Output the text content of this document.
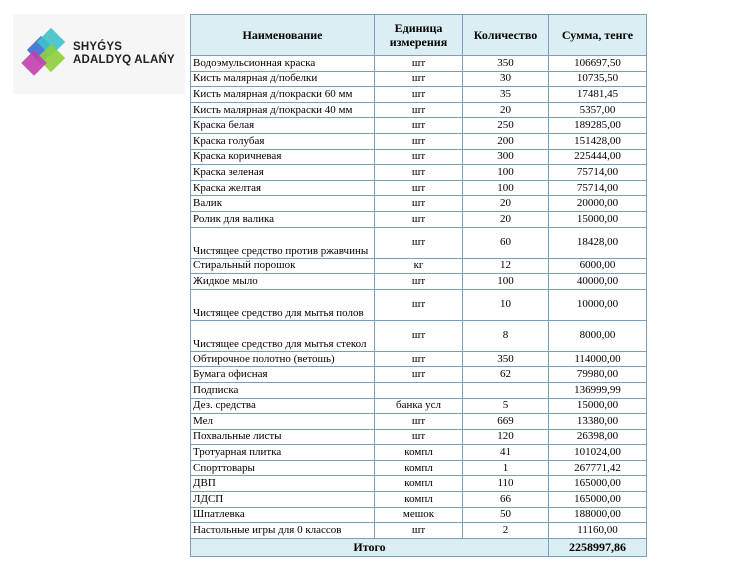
SHYǴYS
ADALDYQ ALAŃY
Наименование	Единица измерения	Количество	Сумма, тенге
Водоэмульсионная краска	шт	350	106697,50
Кисть малярная д/побелки	шт	30	10735,50
Кисть малярная д/покраски 60 мм	шт	35	17481,45
Кисть малярная д/покраски 40 мм	шт	20	5357,00
Краска белая	шт	250	189285,00
Краска голубая	шт	200	151428,00
Краска коричневая	шт	300	225444,00
Краска зеленая	шт	100	75714,00
Краска желтая	шт	100	75714,00
Валик	шт	20	20000,00
Ролик для валика	шт	20	15000,00
Чистящее средство против ржавчины	шт	60	18428,00
Стиральный порошок	кг	12	6000,00
Жидкое мыло	шт	100	40000,00
Чистящее средство для мытья полов	шт	10	10000,00
Чистящее средство для мытья стекол	шт	8	8000,00
Обтирочное полотно (ветошь)	шт	350	114000,00
Бумага офисная	шт	62	79980,00
Подписка			136999,99
Дез. средства	банка усл	5	15000,00
Мел	шт	669	13380,00
Похвальные листы	шт	120	26398,00
Тротуарная плитка	компл	41	101024,00
Спорттовары	компл	1	267771,42
ДВП	компл	110	165000,00
ЛДСП	компл	66	165000,00
Шпатлевка	мешок	50	188000,00
Настольные игры для 0 классов	шт	2	11160,00
Итого			2258997,86
